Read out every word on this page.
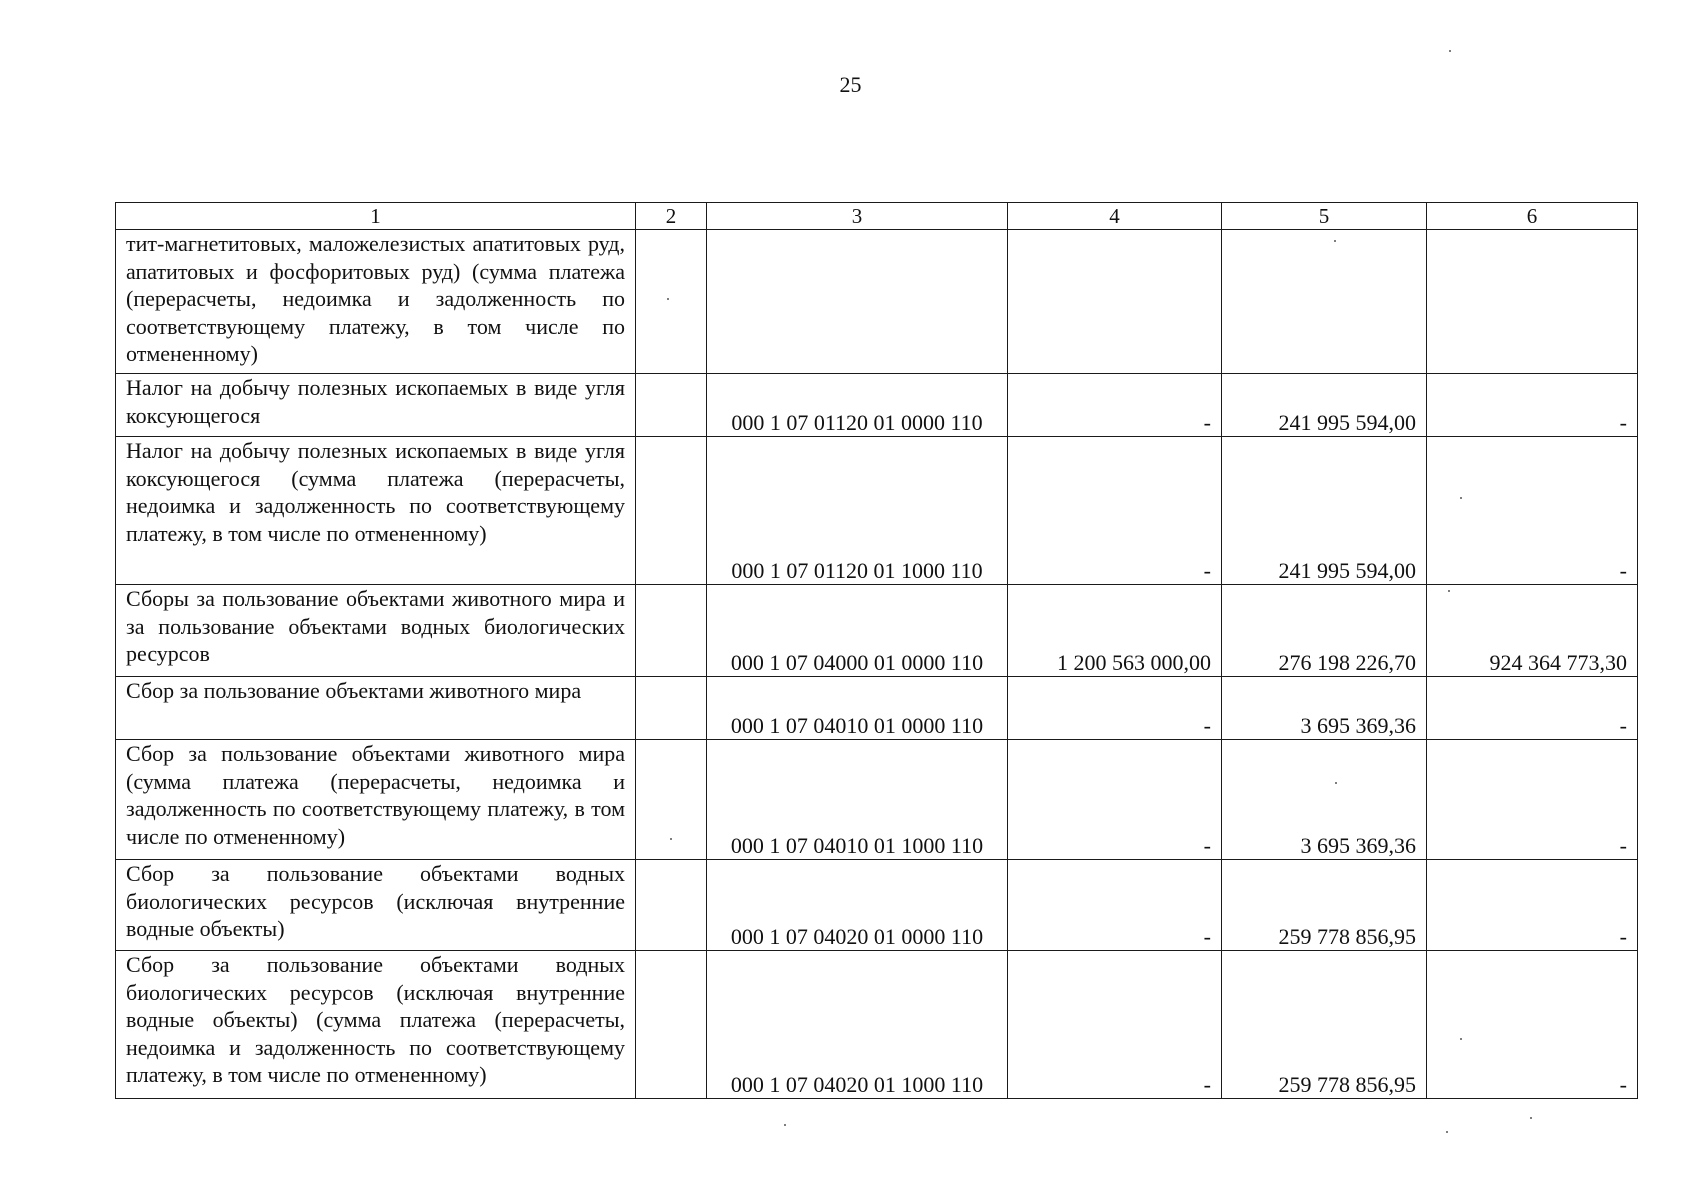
25
1	2	3	4	5	6
тит-магнетитовых, маложелезистых апатитовых руд, апатитовых и фосфоритовых руд) (сумма платежа (перерасчеты, недоимка и задолженность по соответствующему платежу, в том числе по отмененному)					
Налог на добычу полезных ископаемых в виде угля коксующегося		000 1 07 01120 01 0000 110	-	241 995 594,00	-
Налог на добычу полезных ископаемых в виде угля коксующегося (сумма платежа (перерасчеты, недоимка и задолженность по соответствующему платежу, в том числе по отмененному)		000 1 07 01120 01 1000 110	-	241 995 594,00	-
Сборы за пользование объектами животного мира и за пользование объектами водных биологических ресурсов		000 1 07 04000 01 0000 110	1 200 563 000,00	276 198 226,70	924 364 773,30
Сбор за пользование объектами животного мира		000 1 07 04010 01 0000 110	-	3 695 369,36	-
Сбор за пользование объектами животного мира (сумма платежа (перерасчеты, недоимка и задолженность по соответствующему платежу, в том числе по отмененному)		000 1 07 04010 01 1000 110	-	3 695 369,36	-
Сбор за пользование объектами водных биологических ресурсов (исключая внутренние водные объекты)		000 1 07 04020 01 0000 110	-	259 778 856,95	-
Сбор за пользование объектами водных биологических ресурсов (исключая внутренние водные объекты) (сумма платежа (перерасчеты, недоимка и задолженность по соответствующему платежу, в том числе по отмененному)		000 1 07 04020 01 1000 110	-	259 778 856,95	-
